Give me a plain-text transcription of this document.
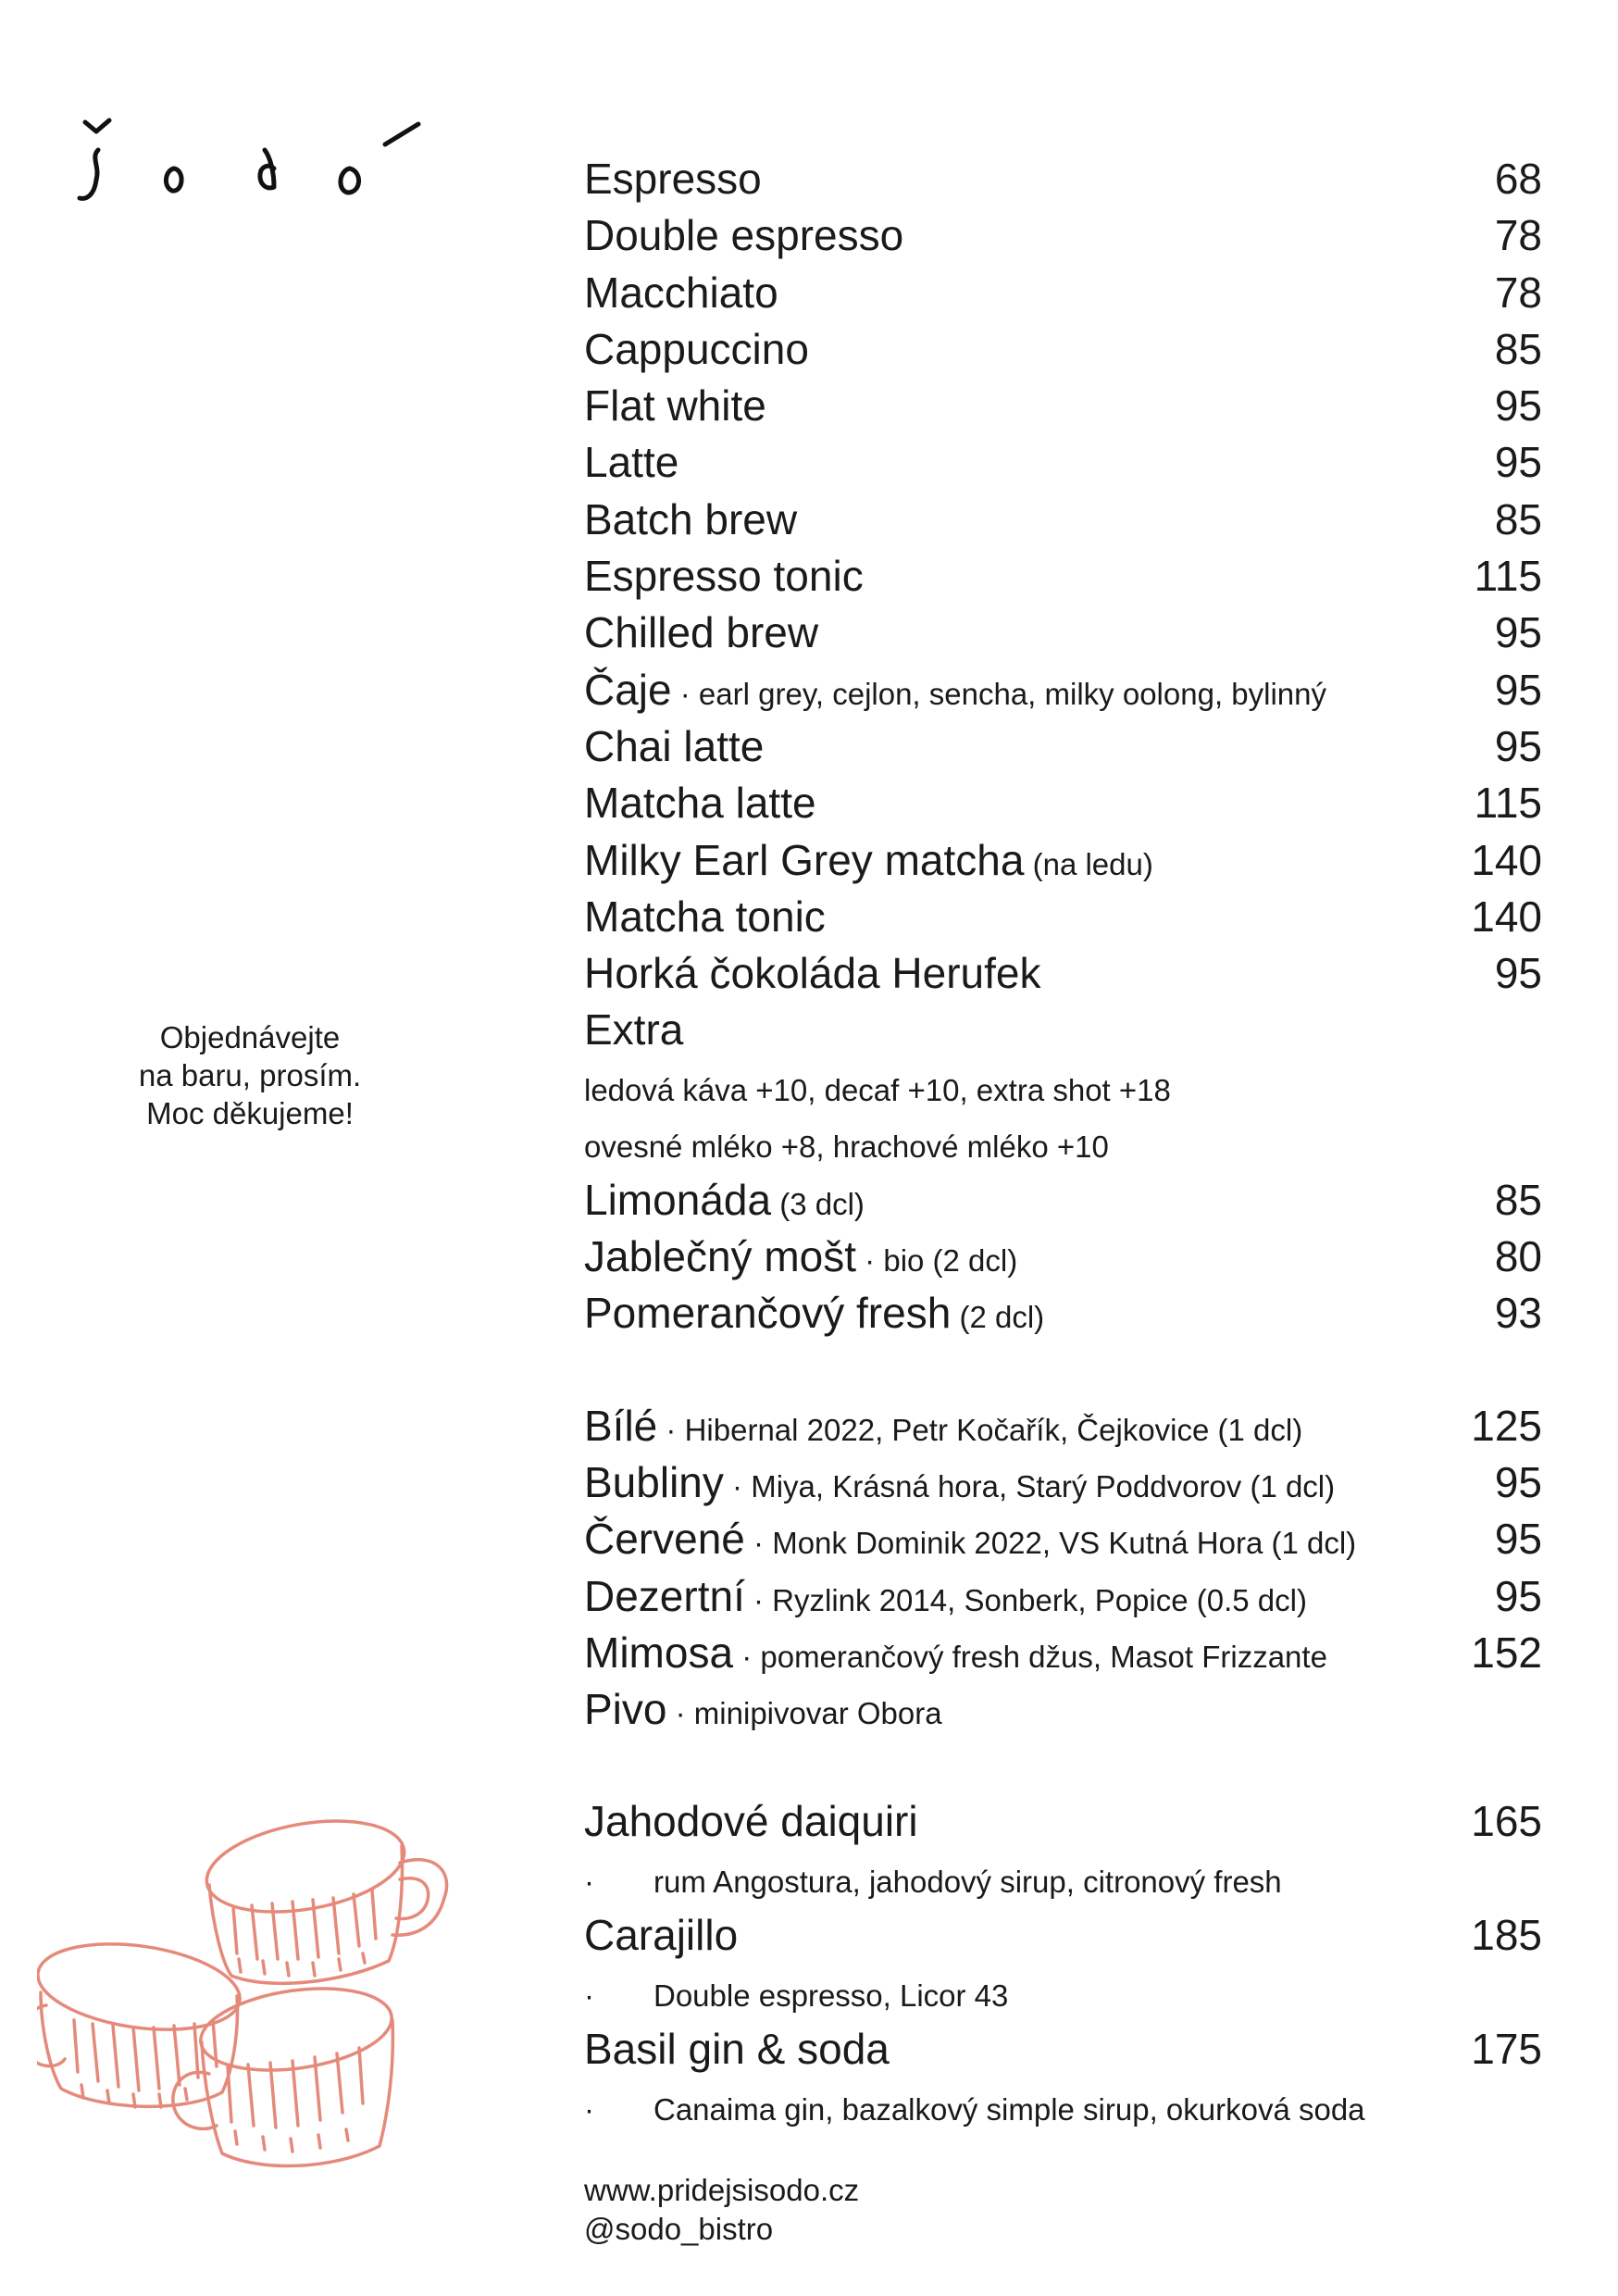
Objednávejte
na baru, prosím.
Moc děkujeme!
Espresso	68
Double espresso	78
Macchiato	78
Cappuccino	85
Flat white	95
Latte	95
Batch brew	85
Espresso tonic	115
Chilled brew	95
Čaje · earl grey, cejlon, sencha, milky oolong, bylinný	95
Chai latte	95
Matcha latte	115
Milky Earl Grey matcha (na ledu)	140
Matcha tonic	140
Horká čokoláda Herufek	95
Extra
ledová káva +10, decaf +10, extra shot +18
ovesné mléko +8, hrachové mléko +10
Limonáda (3 dcl)	85
Jablečný mošt · bio (2 dcl)	80
Pomerančový fresh (2 dcl)	93
Bílé · Hibernal 2022, Petr Kočařík, Čejkovice (1 dcl)	125
Bubliny · Miya, Krásná hora, Starý Poddvorov (1 dcl)	95
Červené · Monk Dominik 2022, VS Kutná Hora (1 dcl)	95
Dezertní · Ryzlink 2014, Sonberk, Popice (0.5 dcl)	95
Mimosa · pomerančový fresh džus, Masot Frizzante	152
Pivo · minipivovar Obora
Jahodové daiquiri	165
· rum Angostura, jahodový sirup, citronový fresh
Carajillo	185
· Double espresso, Licor 43
Basil gin & soda	175
· Canaima gin, bazalkový simple sirup, okurková soda
www.pridejsisodo.cz
@sodo_bistro
